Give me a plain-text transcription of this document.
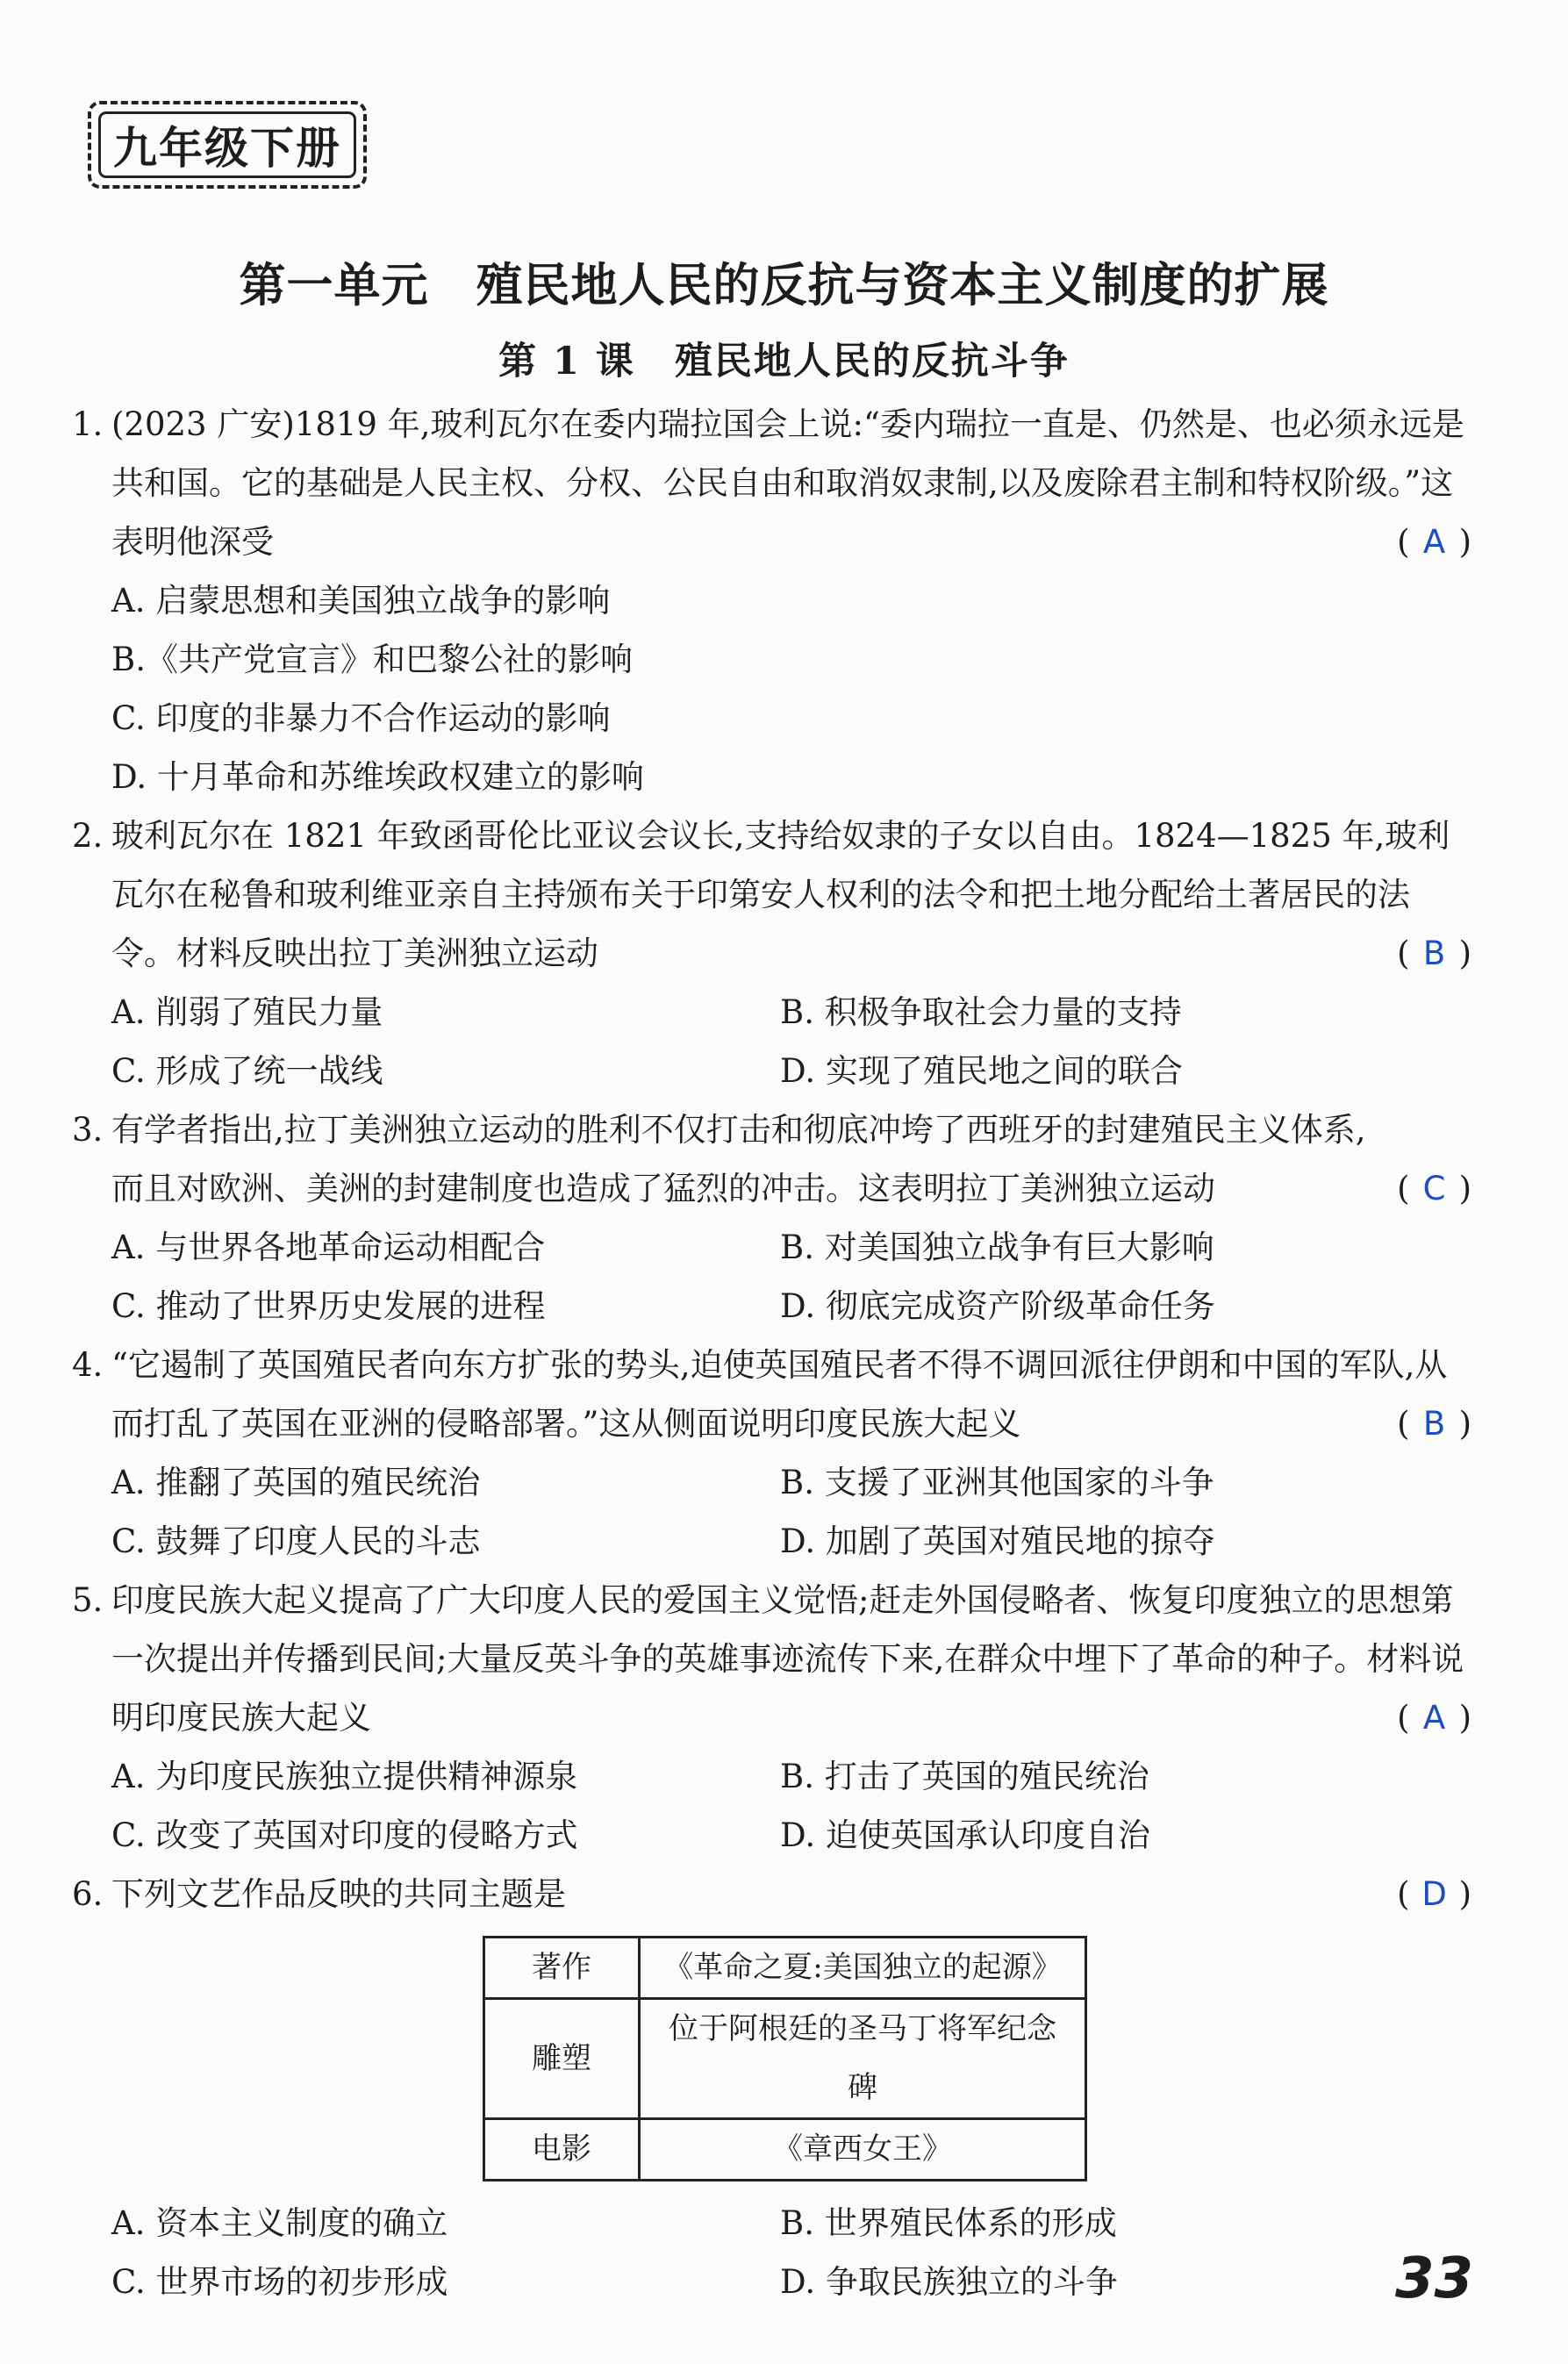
九年级下册
第一单元　殖民地人民的反抗与资本主义制度的扩展
第 1 课　殖民地人民的反抗斗争
1. (2023 广安)1819 年,玻利瓦尔在委内瑞拉国会上说:“委内瑞拉一直是、仍然是、也必须永远是共和国。它的基础是人民主权、分权、公民自由和取消奴隶制,以及废除君主制和特权阶级。”这表明他深受	( A )
A. 启蒙思想和美国独立战争的影响
B.《共产党宣言》和巴黎公社的影响
C. 印度的非暴力不合作运动的影响
D. 十月革命和苏维埃政权建立的影响
2. 玻利瓦尔在 1821 年致函哥伦比亚议会议长,支持给奴隶的子女以自由。1824—1825 年,玻利瓦尔在秘鲁和玻利维亚亲自主持颁布关于印第安人权利的法令和把土地分配给土著居民的法令。材料反映出拉丁美洲独立运动	( B )
A. 削弱了殖民力量	B. 积极争取社会力量的支持
C. 形成了统一战线	D. 实现了殖民地之间的联合
3. 有学者指出,拉丁美洲独立运动的胜利不仅打击和彻底冲垮了西班牙的封建殖民主义体系,而且对欧洲、美洲的封建制度也造成了猛烈的冲击。这表明拉丁美洲独立运动	( C )
A. 与世界各地革命运动相配合	B. 对美国独立战争有巨大影响
C. 推动了世界历史发展的进程	D. 彻底完成资产阶级革命任务
4. “它遏制了英国殖民者向东方扩张的势头,迫使英国殖民者不得不调回派往伊朗和中国的军队,从而打乱了英国在亚洲的侵略部署。”这从侧面说明印度民族大起义	( B )
A. 推翻了英国的殖民统治	B. 支援了亚洲其他国家的斗争
C. 鼓舞了印度人民的斗志	D. 加剧了英国对殖民地的掠夺
5. 印度民族大起义提高了广大印度人民的爱国主义觉悟;赶走外国侵略者、恢复印度独立的思想第一次提出并传播到民间;大量反英斗争的英雄事迹流传下来,在群众中埋下了革命的种子。材料说明印度民族大起义	( A )
A. 为印度民族独立提供精神源泉	B. 打击了英国的殖民统治
C. 改变了英国对印度的侵略方式	D. 迫使英国承认印度自治
6. 下列文艺作品反映的共同主题是	( D )
著作	《革命之夏:美国独立的起源》
雕塑	位于阿根廷的圣马丁将军纪念碑
电影	《章西女王》
A. 资本主义制度的确立	B. 世界殖民体系的形成
C. 世界市场的初步形成	D. 争取民族独立的斗争	33
